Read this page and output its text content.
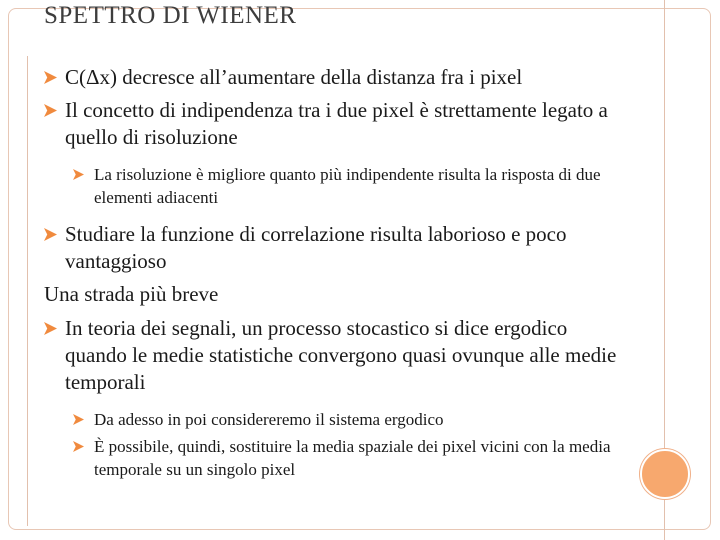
SPETTRO DI WIENER
C(Δx) decresce all’aumentare della distanza fra i pixel
Il concetto di indipendenza tra i due pixel è strettamente legato a quello di risoluzione
La risoluzione è migliore quanto più indipendente risulta la risposta di due elementi adiacenti
Studiare la funzione di correlazione risulta laborioso e poco vantaggioso
Una strada più breve
In teoria dei segnali, un processo stocastico si dice ergodico quando le medie statistiche convergono quasi ovunque alle medie temporali
Da adesso in poi considereremo il sistema ergodico
È possibile, quindi, sostituire la media spaziale dei pixel vicini con la media temporale su un singolo pixel
